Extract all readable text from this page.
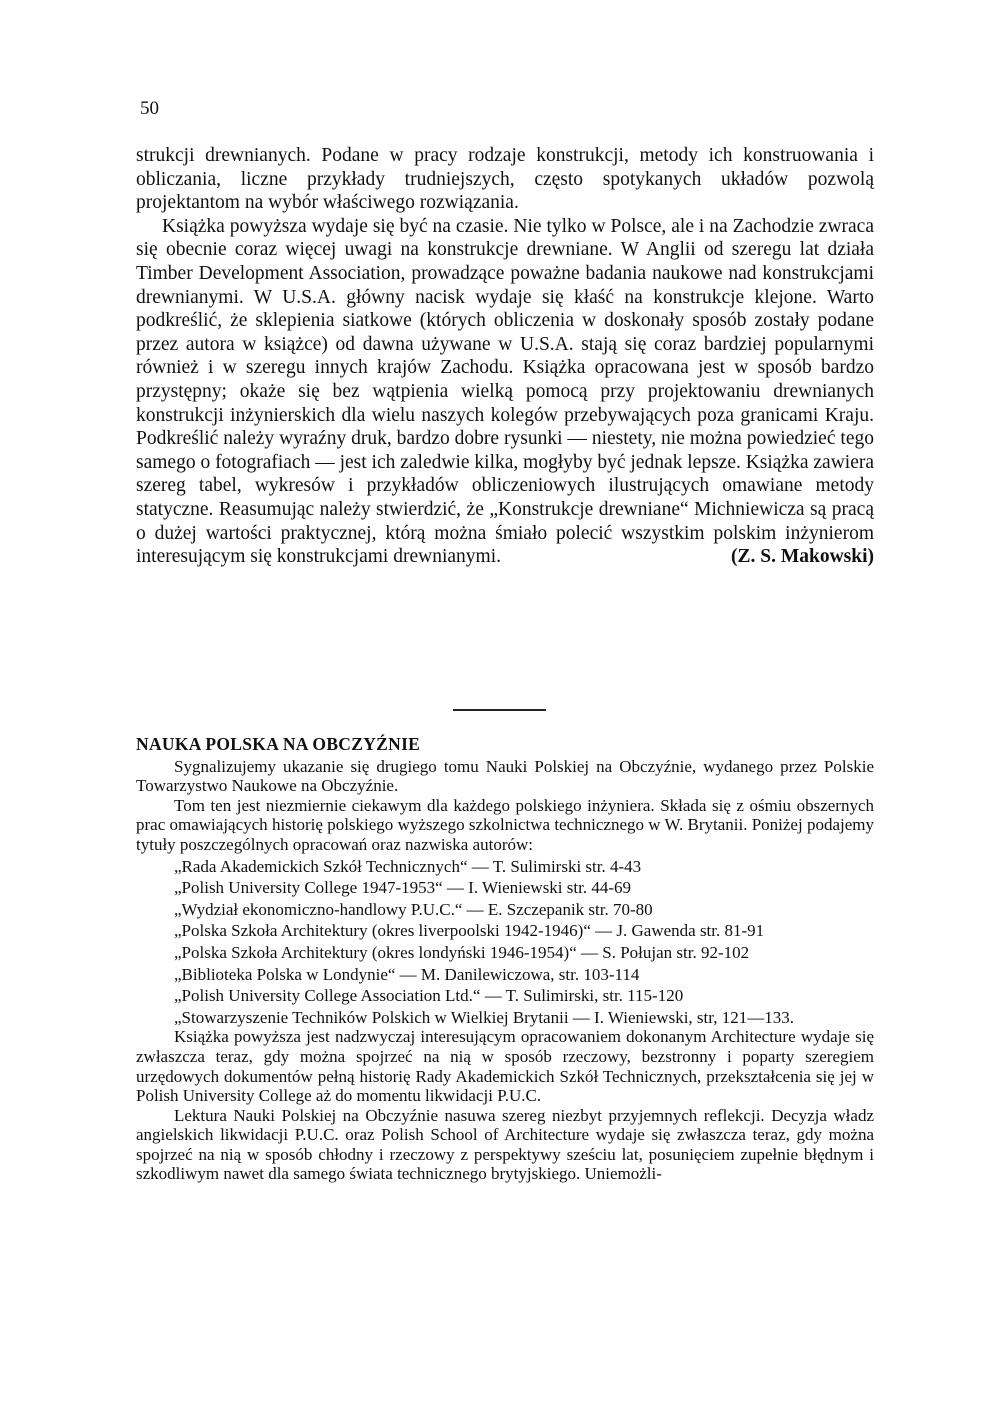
50

strukcji drewnianych. Podane w pracy rodzaje konstrukcji, metody ich konstruowania i obliczania, liczne przykłady trudniejszych, często spotykanych układów pozwolą projektantom na wybór właściwego rozwiązania.

Książka powyższa wydaje się być na czasie. Nie tylko w Polsce, ale i na Zachodzie zwraca się obecnie coraz więcej uwagi na konstrukcje drewniane. W Anglii od szeregu lat działa Timber Development Association, prowadzące poważne badania naukowe nad konstrukcjami drewnianymi. W U.S.A. główny nacisk wydaje się kłaść na konstrukcje klejone. Warto podkreślić, że sklepienia siatkowe (których obliczenia w doskonały sposób zostały podane przez autora w książce) od dawna używane w U.S.A. stają się coraz bardziej popularnymi również i w szeregu innych krajów Zachodu. Książka opracowana jest w sposób bardzo przystępny; okaże się bez wątpienia wielką pomocą przy projektowaniu drewnianych konstrukcji inżynierskich dla wielu naszych kolegów przebywających poza granicami Kraju. Podkreślić należy wyraźny druk, bardzo dobre rysunki — niestety, nie można powiedzieć tego samego o fotografiach — jest ich zaledwie kilka, mogłyby być jednak lepsze. Książka zawiera szereg tabel, wykresów i przykładów obliczeniowych ilustrujących omawiane metody statyczne. Reasumując należy stwierdzić, że „Konstrukcje drewniane“ Michniewicza są pracą o dużej wartości praktycznej, którą można śmiało polecić wszystkim polskim inżynierom interesującym się konstrukcjami drewnianymi.	(Z. S. Makowski)

NAUKA POLSKA NA OBCZYŹNIE

Sygnalizujemy ukazanie się drugiego tomu Nauki Polskiej na Obczyźnie, wydanego przez Polskie Towarzystwo Naukowe na Obczyźnie.

Tom ten jest niezmiernie ciekawym dla każdego polskiego inżyniera. Składa się z ośmiu obszernych prac omawiających historię polskiego wyższego szkolnictwa technicznego w W. Brytanii. Poniżej podajemy tytuły poszczególnych opracowań oraz nazwiska autorów:

„Rada Akademickich Szkół Technicznych“ — T. Sulimirski str. 4-43

„Polish University College 1947-1953“ — I. Wieniewski str. 44-69

„Wydział ekonomiczno-handlowy P.U.C.“ — E. Szczepanik str. 70-80

„Polska Szkoła Architektury (okres liverpoolski 1942-1946)“ — J. Gawenda str. 81-91

„Polska Szkoła Architektury (okres londyński 1946-1954)“ — S. Połujan str. 92-102

„Biblioteka Polska w Londynie“ — M. Danilewiczowa, str. 103-114

„Polish University College Association Ltd.“ — T. Sulimirski, str. 115-120

„Stowarzyszenie Techników Polskich w Wielkiej Brytanii — I. Wieniewski, str, 121—133.

Książka powyższa jest nadzwyczaj interesującym opracowaniem dokonanym Architecture wydaje się zwłaszcza teraz, gdy można spojrzeć na nią w sposób rzeczowy, bezstronny i poparty szeregiem urzędowych dokumentów pełną historię Rady Akademickich Szkół Technicznych, przekształcenia się jej w Polish University College aż do momentu likwidacji P.U.C.

Lektura Nauki Polskiej na Obczyźnie nasuwa szereg niezbyt przyjemnych reflekcji. Decyzja władz angielskich likwidacji P.U.C. oraz Polish School of Architecture wydaje się zwłaszcza teraz, gdy można spojrzeć na nią w sposób chłodny i rzeczowy z perspektywy sześciu lat, posunięciem zupełnie błędnym i szkodliwym nawet dla samego świata technicznego brytyjskiego. Uniemożli-
